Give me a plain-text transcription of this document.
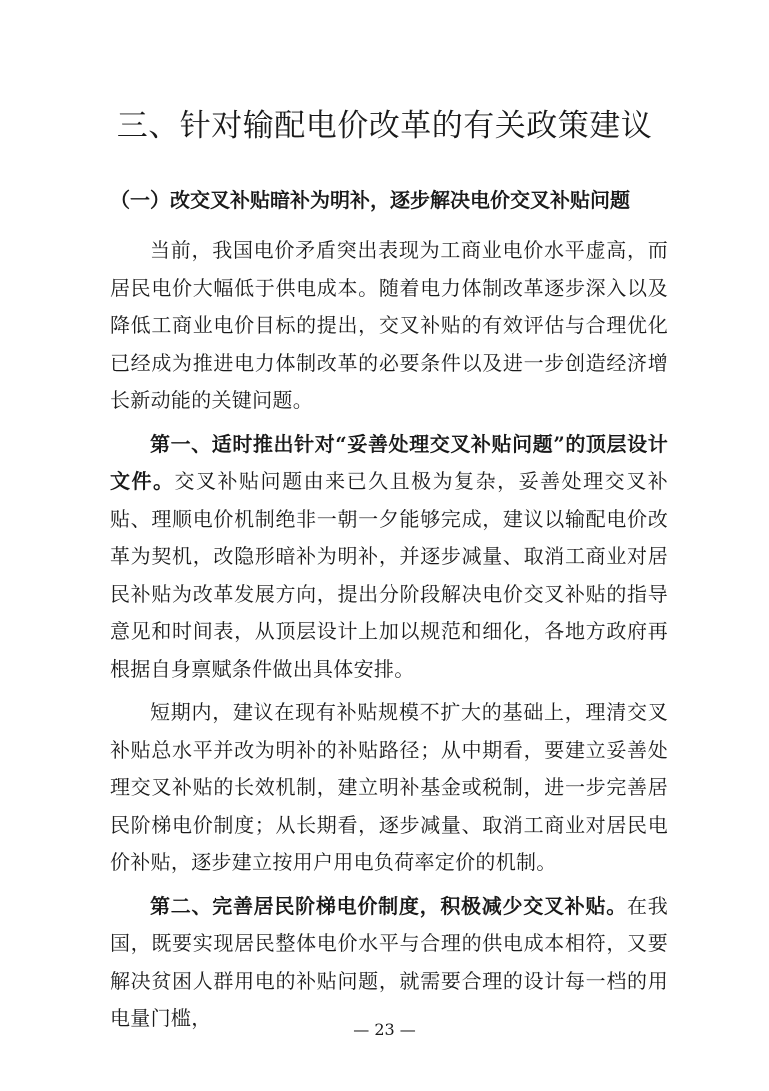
三、针对输配电价改革的有关政策建议
（一）改交叉补贴暗补为明补，逐步解决电价交叉补贴问题

当前，我国电价矛盾突出表现为工商业电价水平虚高，而居民电价大幅低于供电成本。随着电力体制改革逐步深入以及降低工商业电价目标的提出，交叉补贴的有效评估与合理优化已经成为推进电力体制改革的必要条件以及进一步创造经济增长新动能的关键问题。

第一、适时推出针对“妥善处理交叉补贴问题”的顶层设计文件。交叉补贴问题由来已久且极为复杂，妥善处理交叉补贴、理顺电价机制绝非一朝一夕能够完成，建议以输配电价改革为契机，改隐形暗补为明补，并逐步减量、取消工商业对居民补贴为改革发展方向，提出分阶段解决电价交叉补贴的指导意见和时间表，从顶层设计上加以规范和细化，各地方政府再根据自身禀赋条件做出具体安排。

短期内，建议在现有补贴规模不扩大的基础上，理清交叉补贴总水平并改为明补的补贴路径；从中期看，要建立妥善处理交叉补贴的长效机制，建立明补基金或税制，进一步完善居民阶梯电价制度；从长期看，逐步减量、取消工商业对居民电价补贴，逐步建立按用户用电负荷率定价的机制。

第二、完善居民阶梯电价制度，积极减少交叉补贴。在我国，既要实现居民整体电价水平与合理的供电成本相符，又要解决贫困人群用电的补贴问题，就需要合理的设计每一档的用电量门槛，	— 23 —
